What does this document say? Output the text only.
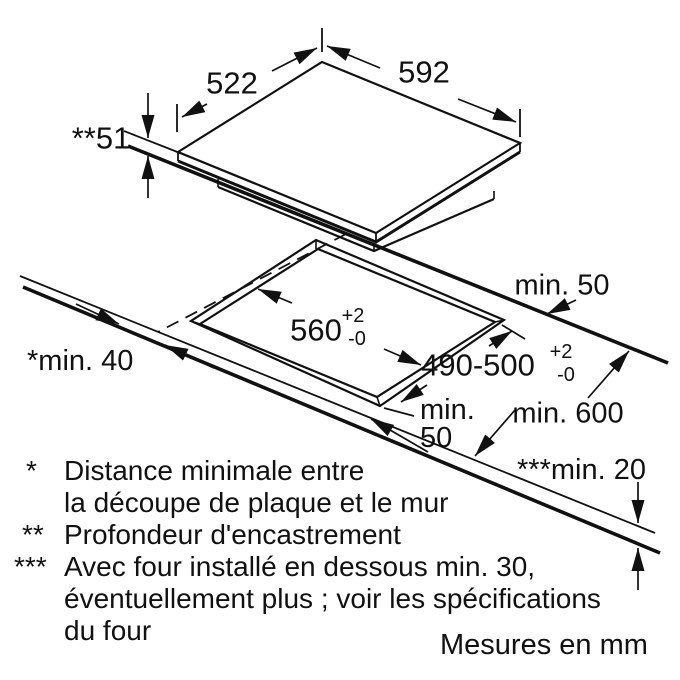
592
522
**51
560 +2
-0
490-500 +2
-0
min. 50
min. 600
min.
50
*min. 40
***min. 20
* Distance minimale entre
la découpe de plaque et le mur
** Profondeur d'encastrement
*** Avec four installé en dessous min. 30,
éventuellement plus ; voir les spécifications
du four	Mesures en mm
